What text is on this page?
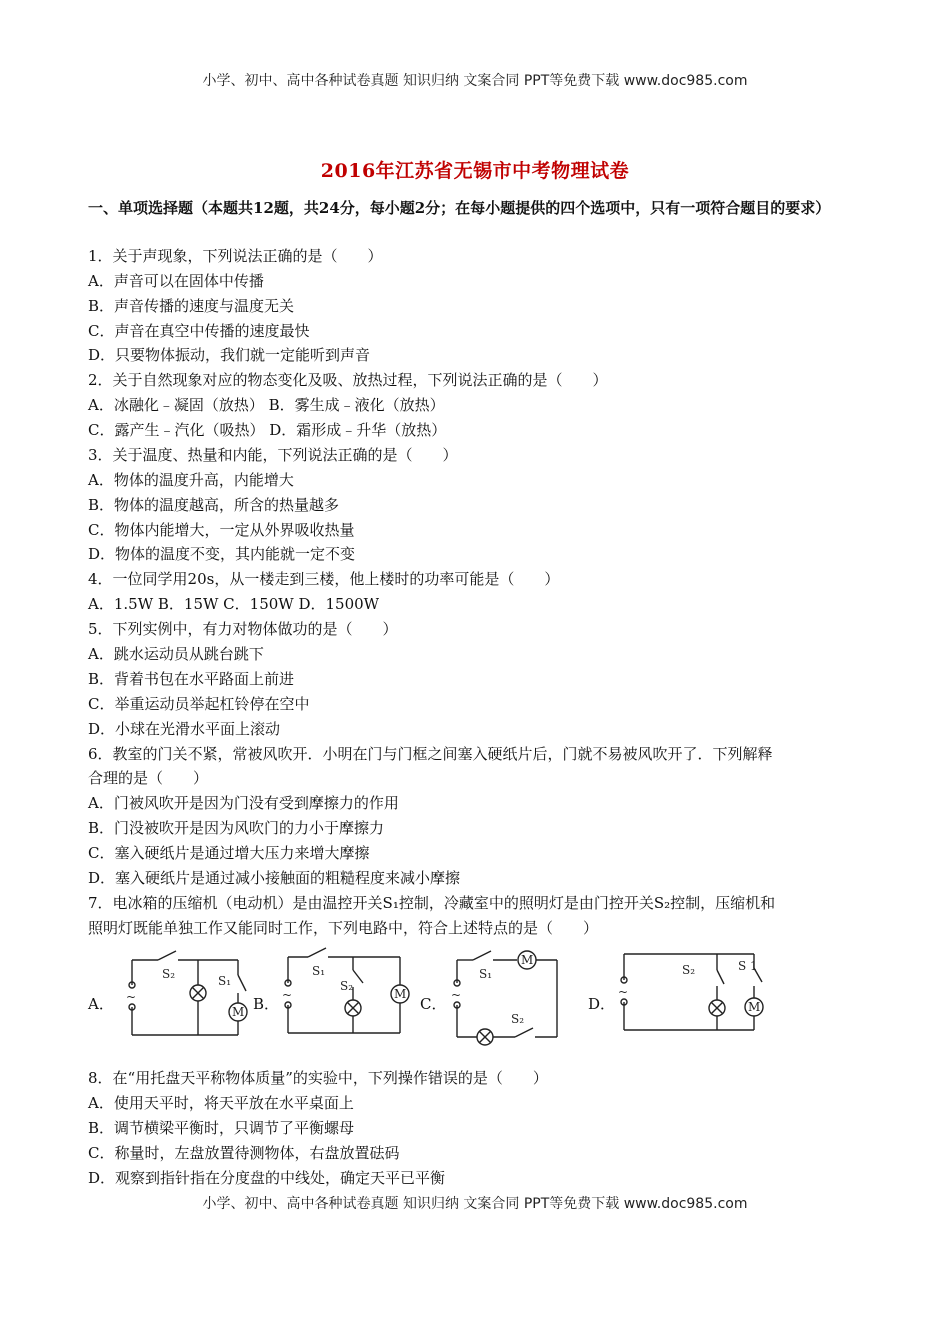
小学、初中、高中各种试卷真题 知识归纳 文案合同 PPT等免费下载 www.doc985.com
2016年江苏省无锡市中考物理试卷
一、单项选择题（本题共12题，共24分，每小题2分；在每小题提供的四个选项中，只有一项符合题目的要求）
1．关于声现象，下列说法正确的是（　　）
A．声音可以在固体中传播
B．声音传播的速度与温度无关
C．声音在真空中传播的速度最快
D．只要物体振动，我们就一定能听到声音
2．关于自然现象对应的物态变化及吸、放热过程，下列说法正确的是（　　）
A．冰融化﹣凝固（放热） B．雾生成﹣液化（放热）
C．露产生﹣汽化（吸热） D．霜形成﹣升华（放热）
3．关于温度、热量和内能，下列说法正确的是（　　）
A．物体的温度升高，内能增大
B．物体的温度越高，所含的热量越多
C．物体内能增大，一定从外界吸收热量
D．物体的温度不变，其内能就一定不变
4．一位同学用20s，从一楼走到三楼，他上楼时的功率可能是（　　）
A．1.5W B．15W C．150W D．1500W
5．下列实例中，有力对物体做功的是（　　）
A．跳水运动员从跳台跳下
B．背着书包在水平路面上前进
C．举重运动员举起杠铃停在空中
D．小球在光滑水平面上滚动
6．教室的门关不紧，常被风吹开．小明在门与门框之间塞入硬纸片后，门就不易被风吹开了．下列解释
合理的是（　　）
A．门被风吹开是因为门没有受到摩擦力的作用
B．门没被吹开是因为风吹门的力小于摩擦力
C．塞入硬纸片是通过增大压力来增大摩擦
D．塞入硬纸片是通过减小接触面的粗糙程度来减小摩擦
7．电冰箱的压缩机（电动机）是由温控开关S₁控制，冷藏室中的照明灯是由门控开关S₂控制，压缩机和
照明灯既能单独工作又能同时工作，下列电路中，符合上述特点的是（　　）
A．	B．	C．	D．
~
S₂	S₁
M
~
S₁
S₂
M	~
S₁
M
S₂
~
S₂	S 1
M
8．在“用托盘天平称物体质量”的实验中，下列操作错误的是（　　）
A．使用天平时，将天平放在水平桌面上
B．调节横梁平衡时，只调节了平衡螺母
C．称量时，左盘放置待测物体，右盘放置砝码
D．观察到指针指在分度盘的中线处，确定天平已平衡
小学、初中、高中各种试卷真题 知识归纳 文案合同 PPT等免费下载 www.doc985.com
